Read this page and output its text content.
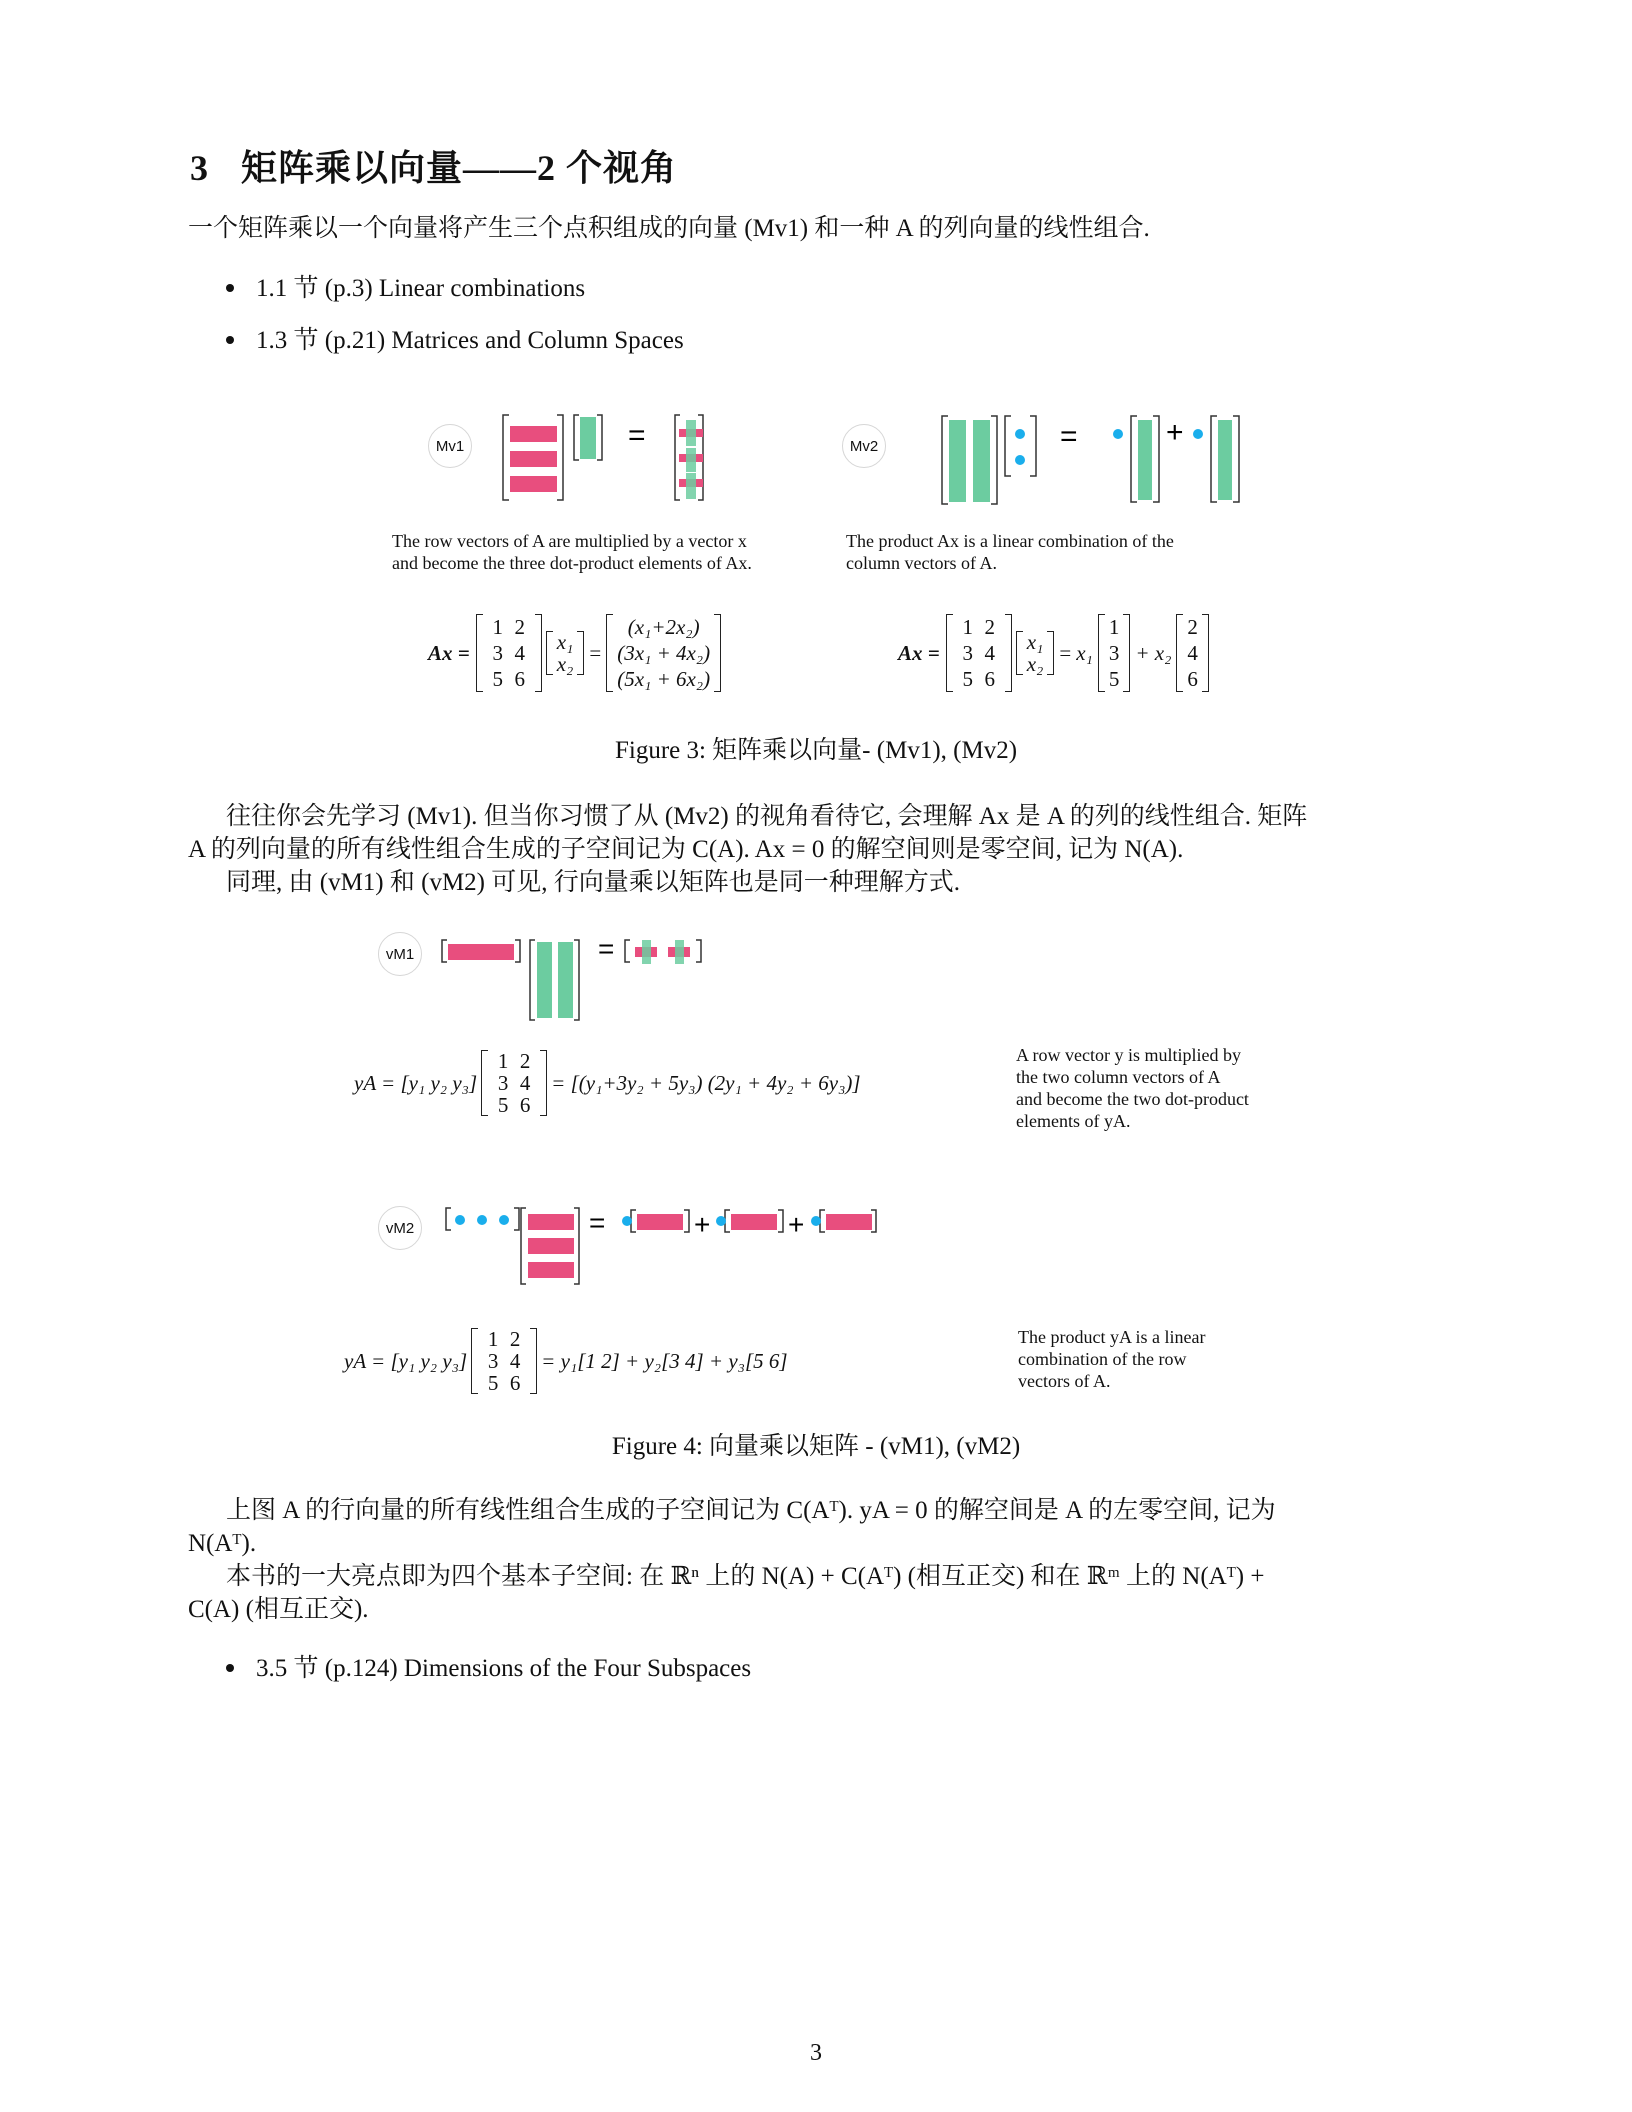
3 矩阵乘以向量——2 个视角
一个矩阵乘以一个向量将产生三个点积组成的向量 (Mv1) 和一种 A 的列向量的线性组合.
1.1 节 (p.3) Linear combinations
1.3 节 (p.21) Matrices and Column Spaces
Mv1	=
The row vectors of A are multiplied by a vector x
and become the three dot-product elements of Ax.
Mv2	=	+
The product Ax is a linear combination of the
column vectors of A.
Ax =
1 2
3 4
5 6
x₁
x₂ =
(x₁+2x₂)
(3x₁ + 4x₂)
(5x₁ + 6x₂)
Ax =
1 2
3 4
5 6
x₁
x₂ = x₁
1
3
5
+ x₂
2
4
6
Figure 3: 矩阵乘以向量- (Mv1), (Mv2)
往往你会先学习 (Mv1). 但当你习惯了从 (Mv2) 的视角看待它, 会理解 Ax 是 A 的列的线性组合. 矩阵
A 的列向量的所有线性组合生成的子空间记为 C(A). Ax = 0 的解空间则是零空间, 记为 N(A).
同理, 由 (vM1) 和 (vM2) 可见, 行向量乘以矩阵也是同一种理解方式.
vM1	=
yA = [y₁ y₂ y₃]
1 2
3 4
5 6
= [(y₁+3y₂ + 5y₃) (2y₁ + 4y₂ + 6y₃)]
A row vector y is multiplied by
the two column vectors of A
and become the two dot-product
elements of yA.
vM2	=	+	+
yA = [y₁ y₂ y₃]
1 2
3 4
5 6
= y₁[1 2] + y₂[3 4] + y₃[5 6]
The product yA is a linear
combination of the row
vectors of A.
Figure 4: 向量乘以矩阵 - (vM1), (vM2)
上图 A 的行向量的所有线性组合生成的子空间记为 C(Aᵀ). yA = 0 的解空间是 A 的左零空间, 记为
N(Aᵀ).
本书的一大亮点即为四个基本子空间: 在 ℝⁿ 上的 N(A) + C(Aᵀ) (相互正交) 和在 ℝᵐ 上的 N(Aᵀ) +
C(A) (相互正交).
3.5 节 (p.124) Dimensions of the Four Subspaces
3
